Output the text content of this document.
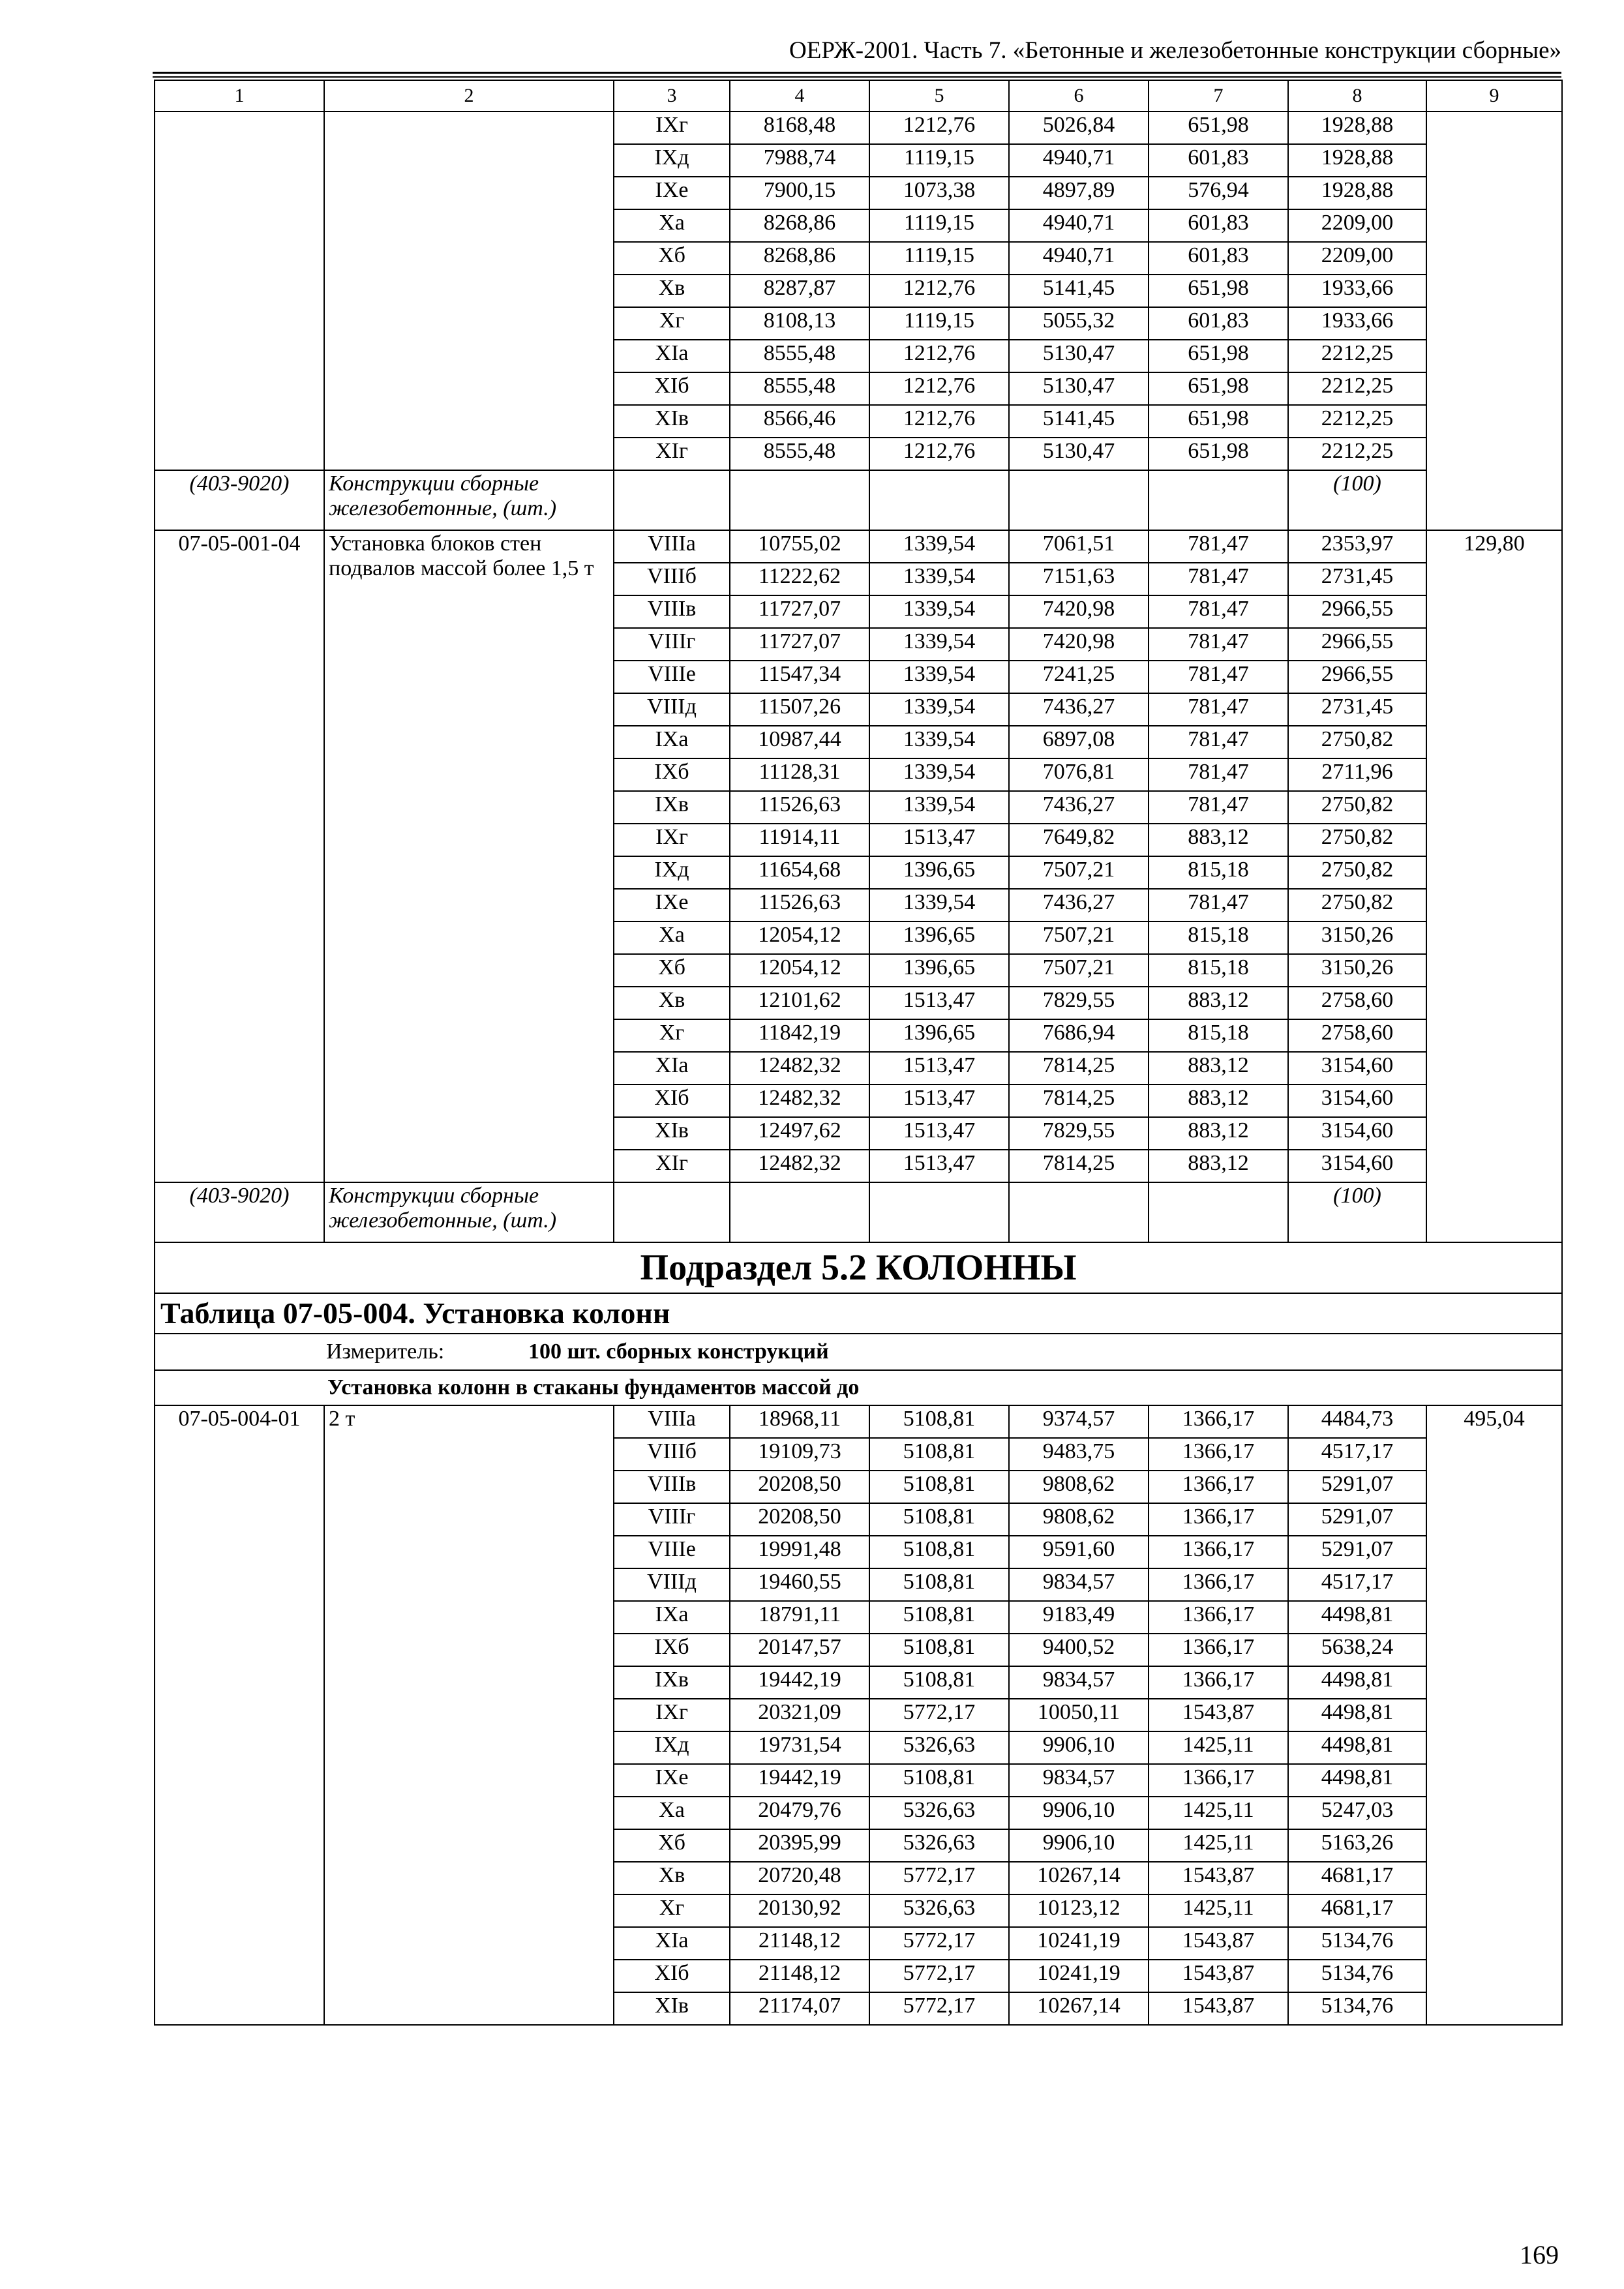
ОЕРЖ-2001. Часть 7. «Бетонные и железобетонные конструкции сборные»
1	2	3	4	5	6	7	8	9
		IXг	8168,48	1212,76	5026,84	651,98	1928,88	
		IXд	7988,74	1119,15	4940,71	601,83	1928,88	
		IXе	7900,15	1073,38	4897,89	576,94	1928,88	
		Xа	8268,86	1119,15	4940,71	601,83	2209,00	
		Xб	8268,86	1119,15	4940,71	601,83	2209,00	
		Xв	8287,87	1212,76	5141,45	651,98	1933,66	
		Xг	8108,13	1119,15	5055,32	601,83	1933,66	
		XIа	8555,48	1212,76	5130,47	651,98	2212,25	
		XIб	8555,48	1212,76	5130,47	651,98	2212,25	
		XIв	8566,46	1212,76	5141,45	651,98	2212,25	
		XIг	8555,48	1212,76	5130,47	651,98	2212,25	
(403-9020)	Конструкции сборные железобетонные, (шт.)						(100)	
07-05-001-04	Установка блоков стен подвалов массой более 1,5 т	VIIIа	10755,02	1339,54	7061,51	781,47	2353,97	129,80
		VIIIб	11222,62	1339,54	7151,63	781,47	2731,45	
		VIIIв	11727,07	1339,54	7420,98	781,47	2966,55	
		VIIIг	11727,07	1339,54	7420,98	781,47	2966,55	
		VIIIе	11547,34	1339,54	7241,25	781,47	2966,55	
		VIIIд	11507,26	1339,54	7436,27	781,47	2731,45	
		IXа	10987,44	1339,54	6897,08	781,47	2750,82	
		IXб	11128,31	1339,54	7076,81	781,47	2711,96	
		IXв	11526,63	1339,54	7436,27	781,47	2750,82	
		IXг	11914,11	1513,47	7649,82	883,12	2750,82	
		IXд	11654,68	1396,65	7507,21	815,18	2750,82	
		IXе	11526,63	1339,54	7436,27	781,47	2750,82	
		Xа	12054,12	1396,65	7507,21	815,18	3150,26	
		Xб	12054,12	1396,65	7507,21	815,18	3150,26	
		Xв	12101,62	1513,47	7829,55	883,12	2758,60	
		Xг	11842,19	1396,65	7686,94	815,18	2758,60	
		XIа	12482,32	1513,47	7814,25	883,12	3154,60	
		XIб	12482,32	1513,47	7814,25	883,12	3154,60	
		XIв	12497,62	1513,47	7829,55	883,12	3154,60	
		XIг	12482,32	1513,47	7814,25	883,12	3154,60	
(403-9020)	Конструкции сборные железобетонные, (шт.)						(100)	
Подраздел 5.2 КОЛОННЫ								
Таблица 07-05-004. Установка колонн								
Измеритель: 100 шт. сборных конструкций								
Установка колонн в стаканы фундаментов массой до								
07-05-004-01	2 т	VIIIа	18968,11	5108,81	9374,57	1366,17	4484,73	495,04
		VIIIб	19109,73	5108,81	9483,75	1366,17	4517,17	
		VIIIв	20208,50	5108,81	9808,62	1366,17	5291,07	
		VIIIг	20208,50	5108,81	9808,62	1366,17	5291,07	
		VIIIе	19991,48	5108,81	9591,60	1366,17	5291,07	
		VIIIд	19460,55	5108,81	9834,57	1366,17	4517,17	
		IXа	18791,11	5108,81	9183,49	1366,17	4498,81	
		IXб	20147,57	5108,81	9400,52	1366,17	5638,24	
		IXв	19442,19	5108,81	9834,57	1366,17	4498,81	
		IXг	20321,09	5772,17	10050,11	1543,87	4498,81	
		IXд	19731,54	5326,63	9906,10	1425,11	4498,81	
		IXе	19442,19	5108,81	9834,57	1366,17	4498,81	
		Xа	20479,76	5326,63	9906,10	1425,11	5247,03	
		Xб	20395,99	5326,63	9906,10	1425,11	5163,26	
		Xв	20720,48	5772,17	10267,14	1543,87	4681,17	
		Xг	20130,92	5326,63	10123,12	1425,11	4681,17	
		XIа	21148,12	5772,17	10241,19	1543,87	5134,76	
		XIб	21148,12	5772,17	10241,19	1543,87	5134,76	
		XIв	21174,07	5772,17	10267,14	1543,87	5134,76	
169
